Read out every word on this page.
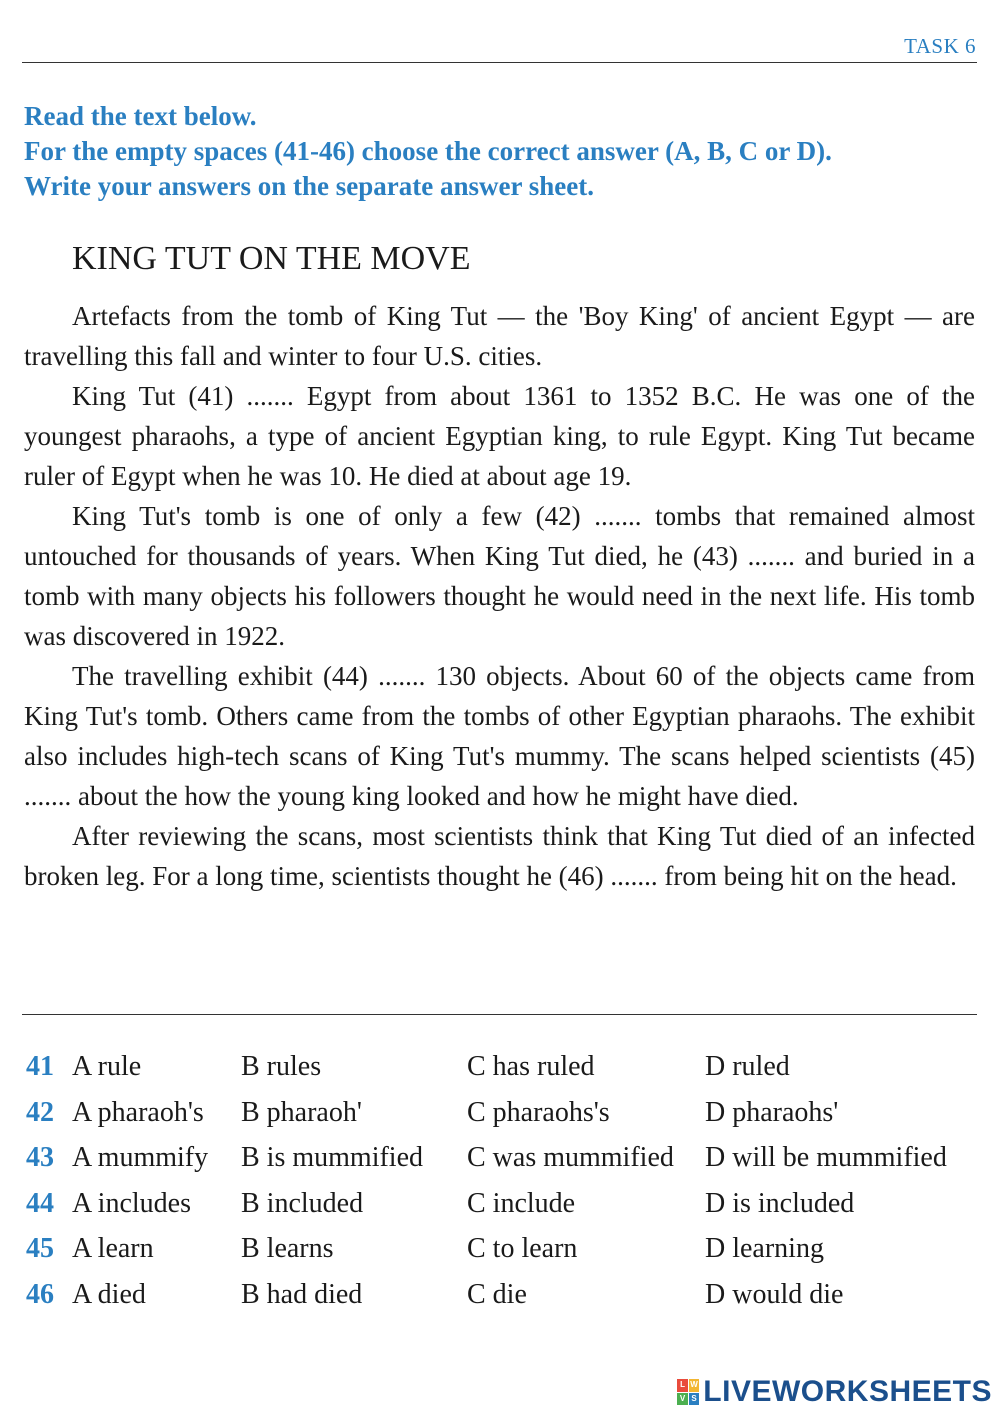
TASK 6
Read the text below.
For the empty spaces (41-46) choose the correct answer (A, B, C or D).
Write your answers on the separate answer sheet.
KING TUT ON THE MOVE

Artefacts from the tomb of King Tut — the 'Boy King' of ancient Egypt — are travelling this fall and winter to four U.S. cities.

King Tut (41) ....... Egypt from about 1361 to 1352 B.C. He was one of the youngest pharaohs, a type of ancient Egyptian king, to rule Egypt. King Tut became ruler of Egypt when he was 10. He died at about age 19.

King Tut's tomb is one of only a few (42) ....... tombs that remained almost untouched for thousands of years. When King Tut died, he (43) ....... and buried in a tomb with many objects his followers thought he would need in the next life. His tomb was discovered in 1922.

The travelling exhibit (44) ....... 130 objects. About 60 of the objects came from King Tut's tomb. Others came from the tombs of other Egyptian pharaohs. The exhibit also includes high-tech scans of King Tut's mummy. The scans helped scientists (45) ....... about the how the young king looked and how he might have died.

After reviewing the scans, most scientists think that King Tut died of an infected broken leg. For a long time, scientists thought he (46) ....... from being hit on the head.

41 A rule	B rules	C has ruled	D ruled
42 A pharaoh's B pharaoh'	C pharaohs's	D pharaohs'
43 A mummify B is mummified C was mummified D will be mummified
44 A includes B included	C include	D is included
45 A learn	B learns	C to learn	D learning
46 A died	B had died	C die	D would die
L W
V S LIVEWORKSHEETS
